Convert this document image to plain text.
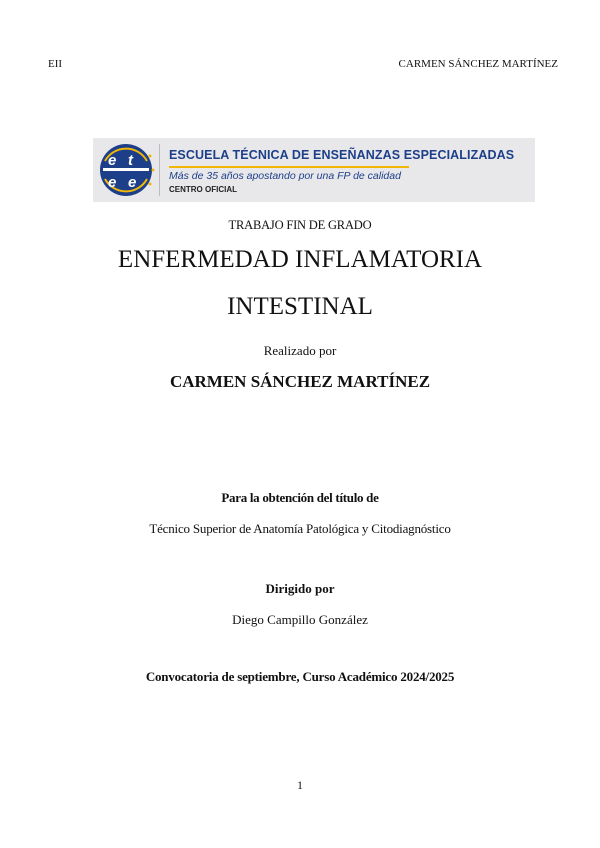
EII	CARMEN SÁNCHEZ MARTÍNEZ
e t
e e
ESCUELA TÉCNICA DE ENSEÑANZAS ESPECIALIZADAS
Más de 35 años apostando por una FP de calidad
CENTRO OFICIAL
TRABAJO FIN DE GRADO
ENFERMEDAD INFLAMATORIA
INTESTINAL
Realizado por
CARMEN SÁNCHEZ MARTÍNEZ
Para la obtención del título de
Técnico Superior de Anatomía Patológica y Citodiagnóstico
Dirigido por
Diego Campillo González
Convocatoria de septiembre, Curso Académico 2024/2025
1
